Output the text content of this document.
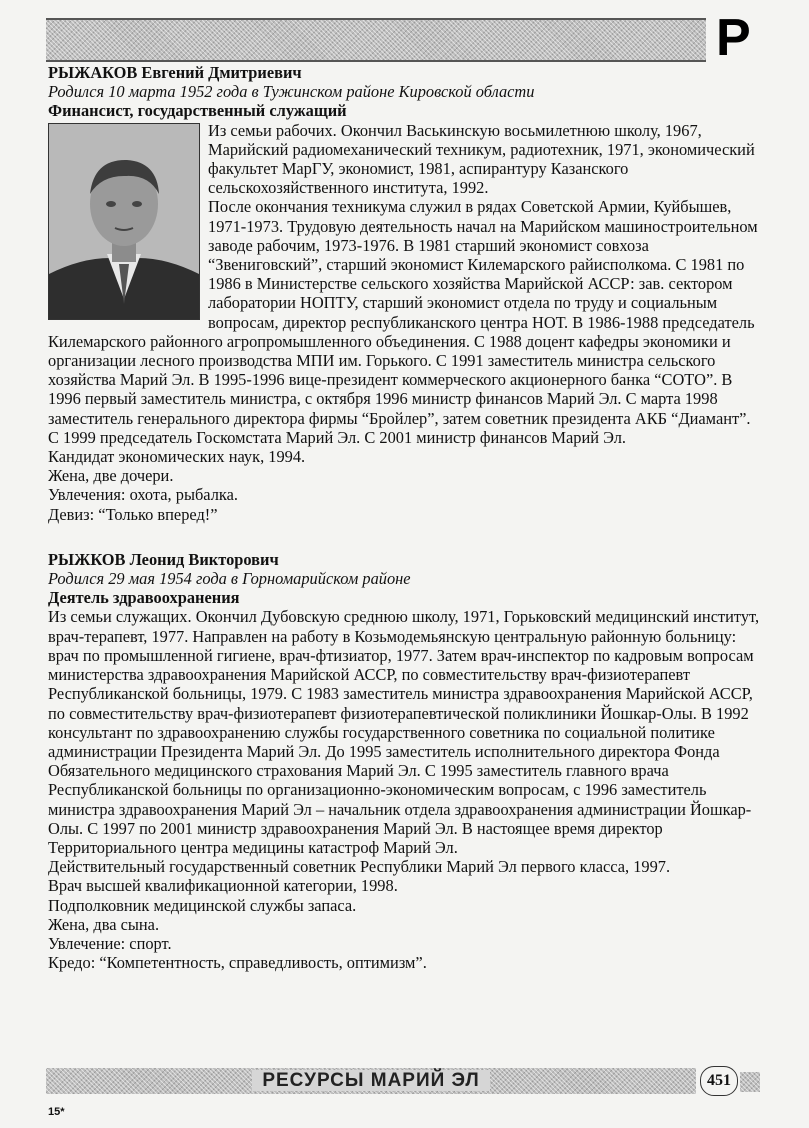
Р
РЫЖАКОВ Евгений Дмитриевич
Родился 10 марта 1952 года в Тужинском районе Кировской области
Финансист, государственный служащий

Из семьи рабочих. Окончил Васькинскую восьмилетнюю школу, 1967, Марийский радиомеханический техникум, радиотехник, 1971, экономический факультет МарГУ, экономист, 1981, аспирантуру Казанского сельскохозяйственного института, 1992.

После окончания техникума служил в рядах Советской Армии, Куйбышев, 1971-1973. Трудовую деятельность начал на Марийском машиностроительном заводе рабочим, 1973-1976. В 1981 старший экономист совхоза “Звениговский”, старший экономист Килемарского райисполкома. С 1981 по 1986 в Министерстве сельского хозяйства Марийской АССР: зав. сектором лаборатории НОПТУ, старший экономист отдела по труду и социальным вопросам, директор республиканского центра НОТ. В 1986-1988 председатель Килемарского районного агропромышленного объединения. С 1988 доцент кафедры экономики и организации лесного производства МПИ им. Горького. С 1991 заместитель министра сельского хозяйства Марий Эл. В 1995-1996 вице-президент коммерческого акционерного банка “СОТО”. В 1996 первый заместитель министра, с октября 1996 министр финансов Марий Эл. С марта 1998 заместитель генерального директора фирмы “Бройлер”, затем советник президента АКБ “Диамант”. С 1999 председатель Госкомстата Марий Эл. С 2001 министр финансов Марий Эл.

Кандидат экономических наук, 1994.

Жена, две дочери.

Увлечения: охота, рыбалка.

Девиз: “Только вперед!”

РЫЖКОВ Леонид Викторович
Родился 29 мая 1954 года в Горномарийском районе
Деятель здравоохранения

Из семьи служащих. Окончил Дубовскую среднюю школу, 1971, Горьковский медицинский институт, врач-терапевт, 1977. Направлен на работу в Козьмодемьянскую центральную районную больницу: врач по промышленной гигиене, врач-фтизиатор, 1977. Затем врач-инспектор по кадровым вопросам министерства здравоохранения Марийской АССР, по совместительству врач-физиотерапевт Республиканской больницы, 1979. С 1983 заместитель министра здравоохранения Марийской АССР, по совместительству врач-физиотерапевт физиотерапевтической поликлиники Йошкар-Олы. В 1992 консультант по здравоохранению службы государственного советника по социальной политике администрации Президента Марий Эл. До 1995 заместитель исполнительного директора Фонда Обязательного медицинского страхования Марий Эл. С 1995 заместитель главного врача Республиканской больницы по организационно-экономическим вопросам, с 1996 заместитель министра здравоохранения Марий Эл – начальник отдела здравоохранения администрации Йошкар-Олы. С 1997 по 2001 министр здравоохранения Марий Эл. В настоящее время директор Территориального центра медицины катастроф Марий Эл.

Действительный государственный советник Республики Марий Эл первого класса, 1997.

Врач высшей квалификационной категории, 1998.

Подполковник медицинской службы запаса.

Жена, два сына.

Увлечение: спорт.

Кредо: “Компетентность, справедливость, оптимизм”.

РЕСУРСЫ МАРИЙ ЭЛ	451
15*
